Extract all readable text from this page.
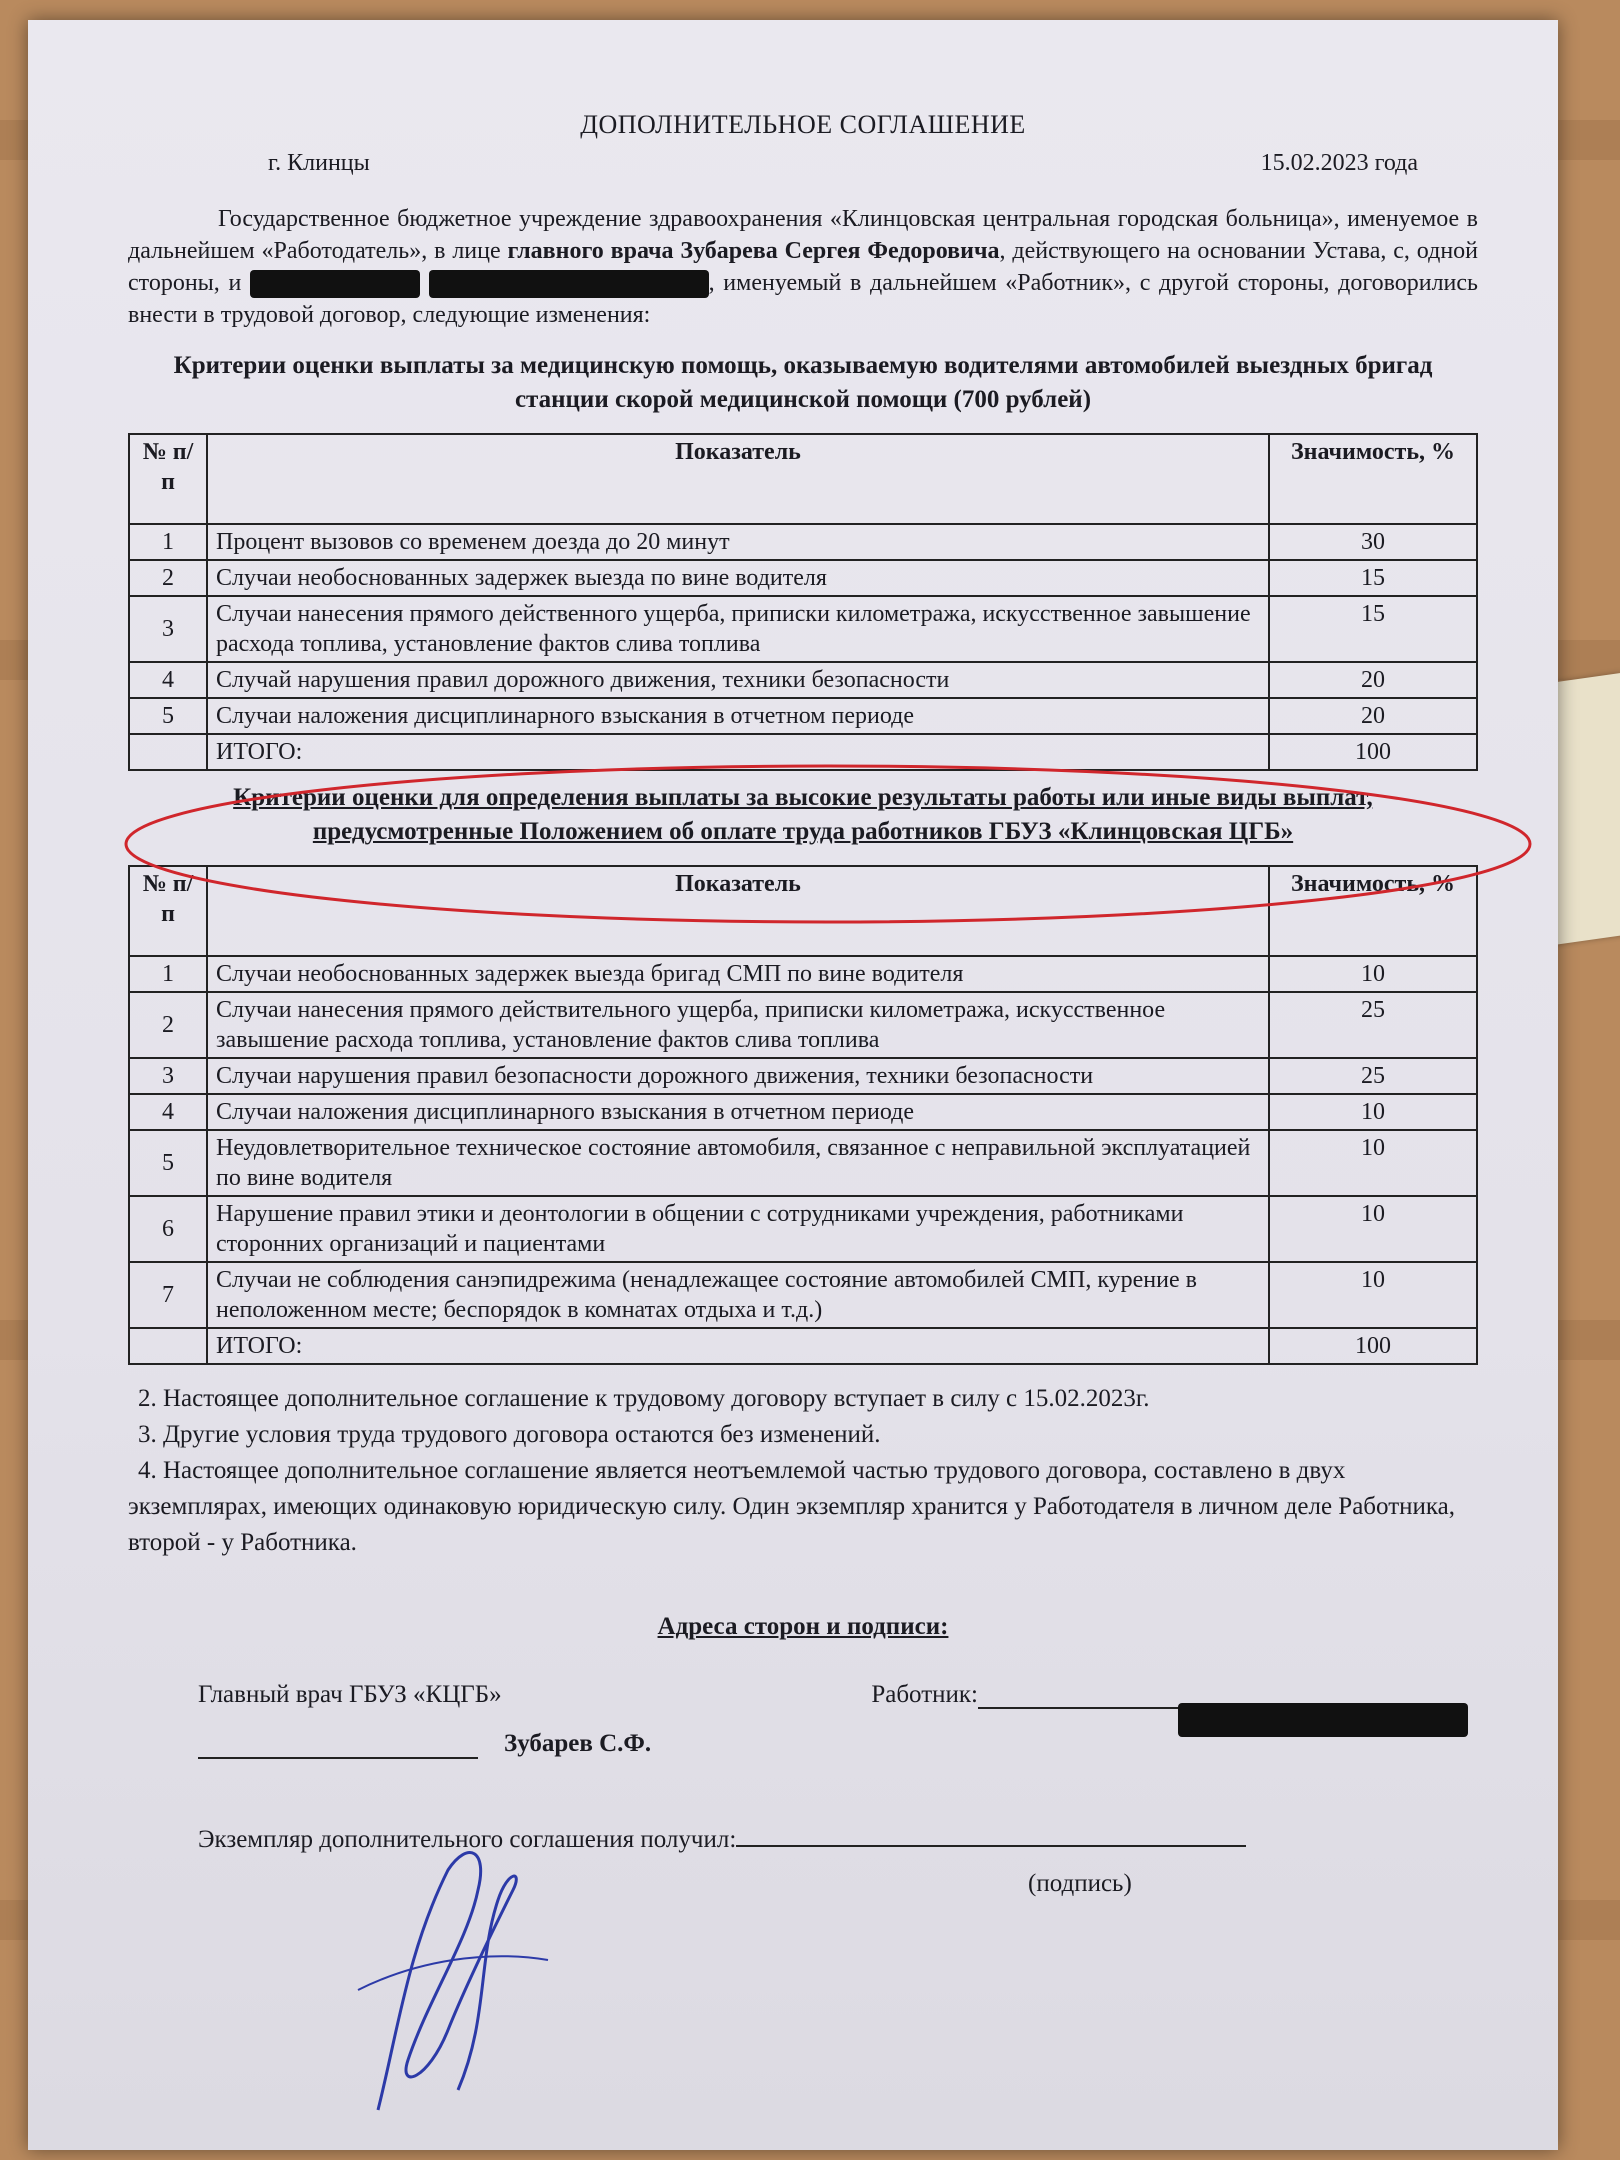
ДОПОЛНИТЕЛЬНОЕ СОГЛАШЕНИЕ
г. Клинцы	15.02.2023 года

Государственное бюджетное учреждение здравоохранения «Клинцовская центральная городская больница», именуемое в дальнейшем «Работодатель», в лице главного врача Зубарева Сергея Федоровича, действующего на основании Устава, с, одной стороны, и	, именуемый в дальнейшем «Работник», с другой стороны, договорились внести в трудовой договор, следующие изменения:

Критерии оценки выплаты за медицинскую помощь, оказываемую водителями автомобилей выездных бригад станции скорой медицинской помощи (700 рублей)
№ п/п	Показатель	Значимость, %
1	Процент вызовов со временем доезда до 20 минут	30
2	Случаи необоснованных задержек выезда по вине водителя	15
3	Случаи нанесения прямого действенного ущерба, приписки километража, искусственное завышение расхода топлива, установление фактов слива топлива	15
4	Случай нарушения правил дорожного движения, техники безопасности	20
5	Случаи наложения дисциплинарного взыскания в отчетном периоде	20
	ИТОГО:	100
Критерии оценки для определения выплаты за высокие результаты работы или иные виды выплат, предусмотренные Положением об оплате труда работников ГБУЗ «Клинцовская ЦГБ»
№ п/п	Показатель	Значимость, %
1	Случаи необоснованных задержек выезда бригад СМП по вине водителя	10
2	Случаи нанесения прямого действительного ущерба, приписки километража, искусственное завышение расхода топлива, установление фактов слива топлива	25
3	Случаи нарушения правил безопасности дорожного движения, техники безопасности	25
4	Случаи наложения дисциплинарного взыскания в отчетном периоде	10
5	Неудовлетворительное техническое состояние автомобиля, связанное с неправильной эксплуатацией по вине водителя	10
6	Нарушение правил этики и деонтологии в общении с сотрудниками учреждения, работниками сторонних организаций и пациентами	10
7	Случаи не соблюдения санэпидрежима (ненадлежащее состояние автомобилей СМП, курение в неположенном месте; беспорядок в комнатах отдыха и т.д.)	10
	ИТОГО:	100

2. Настоящее дополнительное соглашение к трудовому договору вступает в силу с 15.02.2023г.

3. Другие условия труда трудового договора остаются без изменений.

4. Настоящее дополнительное соглашение является неотъемлемой частью трудового договора, составлено в двух экземплярах, имеющих одинаковую юридическую силу. Один экземпляр хранится у Работодателя в личном деле Работника, второй - у Работника.

Адреса сторон и подписи:
Главный врач ГБУЗ «КЦГБ»	Работник:
Зубарев С.Ф.
Экземпляр дополнительного соглашения получил:
(подпись)
